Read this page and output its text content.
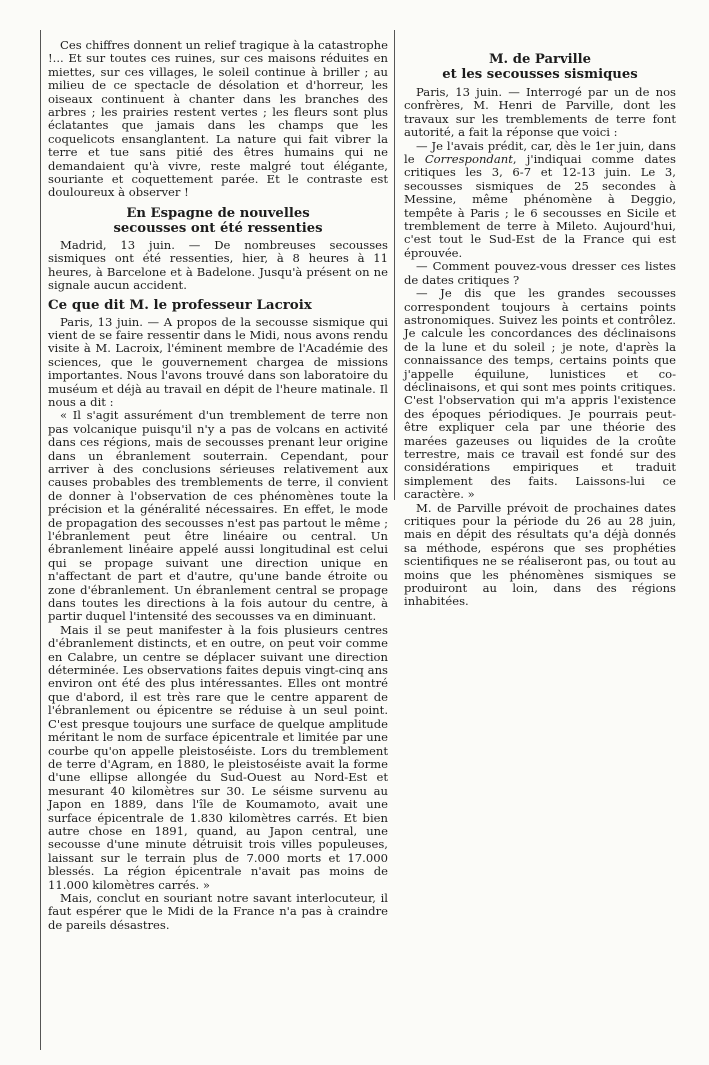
Ces chiffres donnent un relief tragique à la catastrophe !... Et sur toutes ces ruines, sur ces maisons réduites en miettes, sur ces villages, le soleil continue à briller ; au milieu de ce spectacle de désolation et d'horreur, les oiseaux continuent à chanter dans les branches des arbres ; les prairies restent vertes ; les fleurs sont plus éclatantes que jamais dans les champs que les coquelicots ensanglantent. La nature qui fait vibrer la terre et tue sans pitié des êtres humains qui ne demandaient qu'à vivre, reste malgré tout élégante, souriante et coquettement parée. Et le contraste est douloureux à observer !

En Espagne de nouvelles
secousses ont été ressenties

Madrid, 13 juin. — De nombreuses secousses sismiques ont été ressenties, hier, à 8 heures à 11 heures, à Barcelone et à Badelone. Jusqu'à présent on ne signale aucun accident.

Ce que dit M. le professeur Lacroix

Paris, 13 juin. — A propos de la secousse sismique qui vient de se faire ressentir dans le Midi, nous avons rendu visite à M. Lacroix, l'éminent membre de l'Académie des sciences, que le gouvernement chargea de missions importantes. Nous l'avons trouvé dans son laboratoire du muséum et déjà au travail en dépit de l'heure matinale. Il nous a dit :

« Il s'agit assurément d'un tremblement de terre non pas volcanique puisqu'il n'y a pas de volcans en activité dans ces régions, mais de secousses prenant leur origine dans un ébranlement souterrain. Cependant, pour arriver à des conclusions sérieuses relativement aux causes probables des tremblements de terre, il convient de donner à l'observation de ces phénomènes toute la précision et la généralité nécessaires. En effet, le mode de propagation des secousses n'est pas partout le même ; l'ébranlement peut être linéaire ou central. Un ébranlement linéaire appelé aussi longitudinal est celui qui se propage suivant une direction unique en n'affectant de part et d'autre, qu'une bande étroite ou zone d'ébranlement. Un ébranlement central se propage dans toutes les directions à la fois autour du centre, à partir duquel l'intensité des secousses va en diminuant.

Mais il se peut manifester à la fois plusieurs centres d'ébranlement distincts, et en outre, on peut voir comme en Calabre, un centre se déplacer suivant une direction déterminée. Les observations faites depuis vingt-cinq ans environ ont été des plus intéressantes. Elles ont montré que d'abord, il est très rare que le centre apparent de l'ébranlement ou épicentre se réduise à un seul point. C'est presque toujours une surface de quelque amplitude méritant le nom de surface épicentrale et limitée par une courbe qu'on appelle pleistoséiste. Lors du tremblement de terre d'Agram, en 1880, le pleistoséiste avait la forme d'une ellipse allongée du Sud-Ouest au Nord-Est et mesurant 40 kilomètres sur 30. Le séisme survenu au Japon en 1889, dans l'île de Koumamoto, avait une surface épicentrale de 1.830 kilomètres carrés. Et bien autre chose en 1891, quand, au Japon central, une secousse d'une minute détruisit trois villes populeuses, laissant sur le terrain plus de 7.000 morts et 17.000 blessés. La région épicentrale n'avait pas moins de 11.000 kilomètres carrés. »

Mais, conclut en souriant notre savant interlocuteur, il faut espérer que le Midi de la France n'a pas à craindre de pareils désastres.

M. de Parville
et les secousses sismiques

Paris, 13 juin. — Interrogé par un de nos confrères, M. Henri de Parville, dont les travaux sur les tremblements de terre font autorité, a fait la réponse que voici :

— Je l'avais prédit, car, dès le 1er juin, dans le Correspondant, j'indiquai comme dates critiques les 3, 6-7 et 12-13 juin. Le 3, secousses sismiques de 25 secondes à Messine, même phénomène à Deggio, tempête à Paris ; le 6 secousses en Sicile et tremblement de terre à Mileto. Aujourd'hui, c'est tout le Sud-Est de la France qui est éprouvée.

— Comment pouvez-vous dresser ces listes de dates critiques ?

— Je dis que les grandes secousses correspondent toujours à certains points astronomiques. Suivez les points et contrôlez. Je calcule les concordances des déclinaisons de la lune et du soleil ; je note, d'après la connaissance des temps, certains points que j'appelle équilune, lunistices et co-déclinaisons, et qui sont mes points critiques. C'est l'observation qui m'a appris l'existence des époques périodiques. Je pourrais peut-être expliquer cela par une théorie des marées gazeuses ou liquides de la croûte terrestre, mais ce travail est fondé sur des considérations empiriques et traduit simplement des faits. Laissons-lui ce caractère. »

M. de Parville prévoit de prochaines dates critiques pour la période du 26 au 28 juin, mais en dépit des résultats qu'a déjà donnés sa méthode, espérons que ses prophéties scientifiques ne se réaliseront pas, ou tout au moins que les phénomènes sismiques se produiront au loin, dans des régions inhabitées.
